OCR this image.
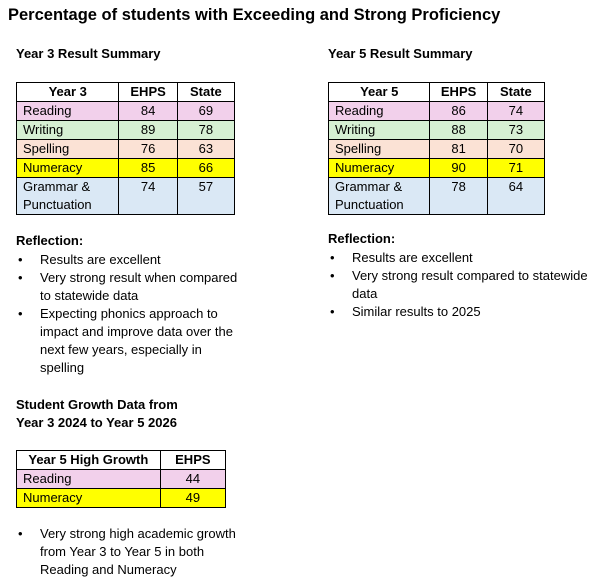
Percentage of students with Exceeding and Strong Proficiency
Year 3 Result Summary
Year 3	EHPS	State
Reading	84	69
Writing	89	78
Spelling	76	63
Numeracy	85	66
Grammar & Punctuation	74	57
Reflection:
• Results are excellent
• Very strong result when compared to statewide data
• Expecting phonics approach to impact and improve data over the next few years, especially in spelling
Student Growth Data from
Year 3 2024 to Year 5 2026
Year 5 High Growth	EHPS
Reading	44
Numeracy	49
• Very strong high academic growth from Year 3 to Year 5 in both Reading and Numeracy
Year 5 Result Summary
Year 5	EHPS	State
Reading	86	74
Writing	88	73
Spelling	81	70
Numeracy	90	71
Grammar & Punctuation	78	64
Reflection:
• Results are excellent
• Very strong result compared to statewide data
• Similar results to 2025
